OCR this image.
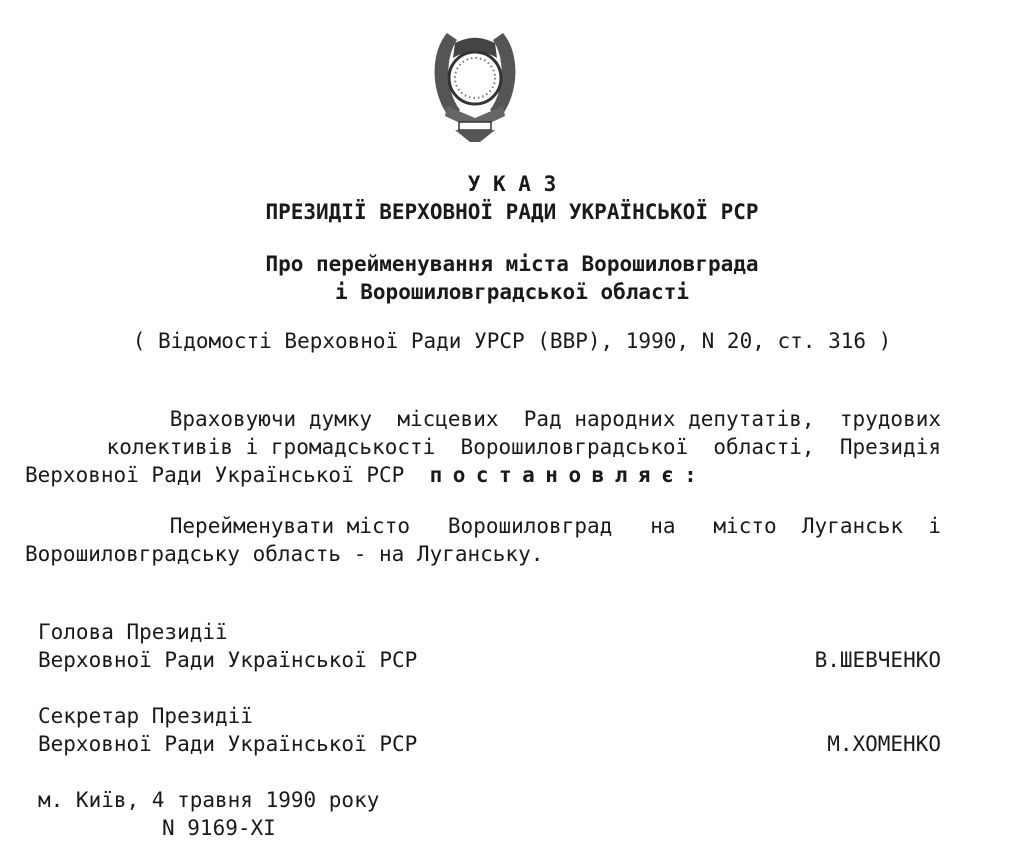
У К А З
ПРЕЗИДІЇ ВЕРХОВНОЇ РАДИ УКРАЇНСЬКОЇ РСР
Про перейменування міста Ворошиловграда
і Ворошиловградської області
( Відомості Верховної Ради УРСР (ВВР), 1990, N 20, ст. 316 )
Враховуючи думку  місцевих  Рад народних депутатів,  трудових
колективів і громадськості  Ворошиловградської  області,  Президія
Верховної Ради Української РСР постановляє:
Перейменувати місто   Ворошиловград   на   місто  Луганськ  і
Ворошиловградську область - на Луганську.
Голова Президії
Верховної Ради Української РСР	В.ШЕВЧЕНКО
Секретар Президії
Верховної Ради Української РСР	М.ХОМЕНКО
м. Київ, 4 травня 1990 року
N 9169-XI
